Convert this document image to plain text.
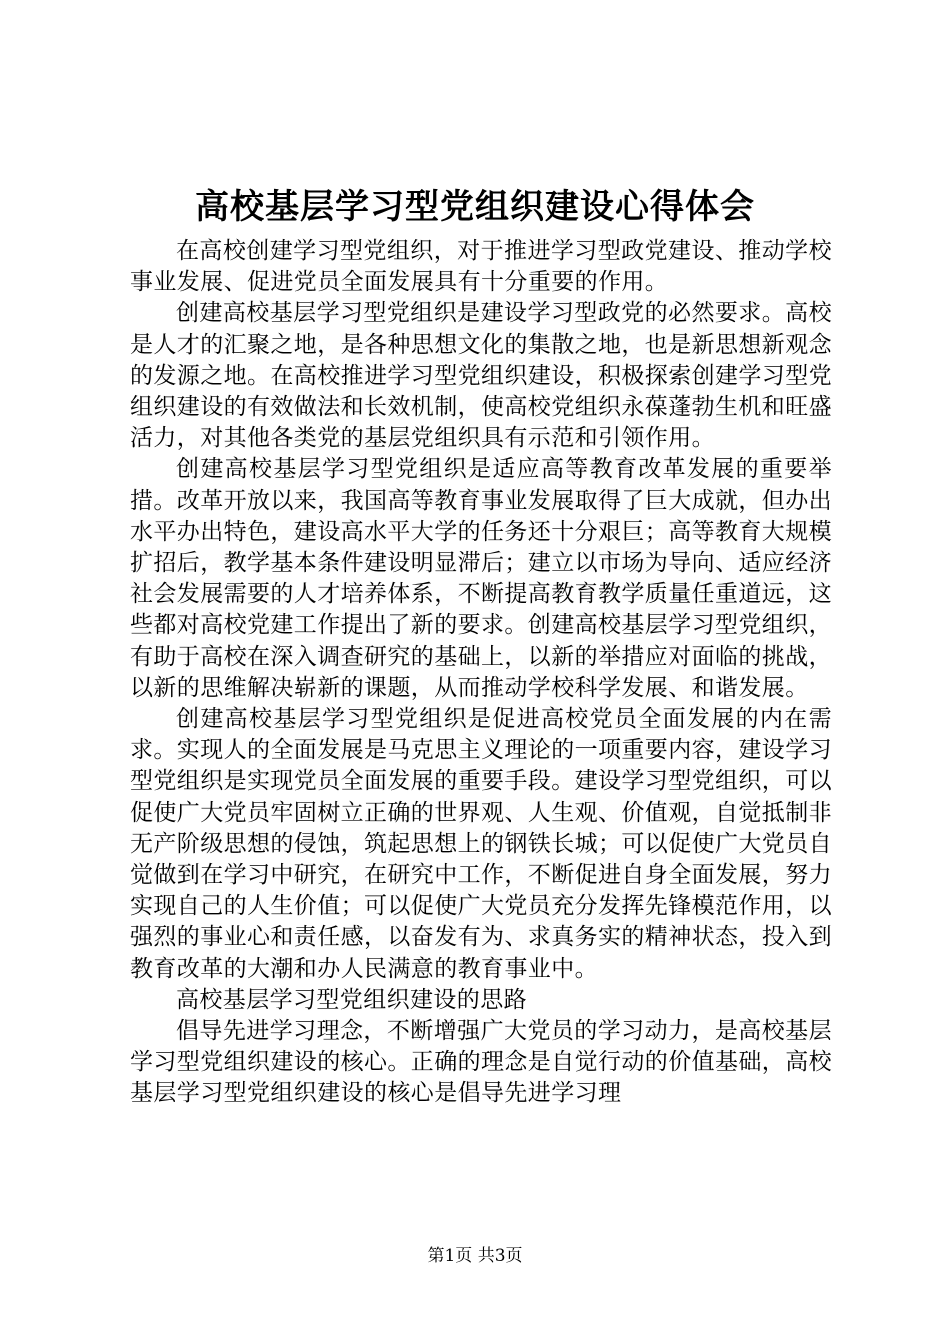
高校基层学习型党组织建设心得体会

在高校创建学习型党组织，对于推进学习型政党建设、推动学校事业发展、促进党员全面发展具有十分重要的作用。

创建高校基层学习型党组织是建设学习型政党的必然要求。高校是人才的汇聚之地，是各种思想文化的集散之地，也是新思想新观念的发源之地。在高校推进学习型党组织建设，积极探索创建学习型党组织建设的有效做法和长效机制，使高校党组织永葆蓬勃生机和旺盛活力，对其他各类党的基层党组织具有示范和引领作用。

创建高校基层学习型党组织是适应高等教育改革发展的重要举措。改革开放以来，我国高等教育事业发展取得了巨大成就，但办出水平办出特色，建设高水平大学的任务还十分艰巨；高等教育大规模扩招后，教学基本条件建设明显滞后；建立以市场为导向、适应经济社会发展需要的人才培养体系，不断提高教育教学质量任重道远，这些都对高校党建工作提出了新的要求。创建高校基层学习型党组织，有助于高校在深入调查研究的基础上，以新的举措应对面临的挑战，以新的思维解决崭新的课题，从而推动学校科学发展、和谐发展。

创建高校基层学习型党组织是促进高校党员全面发展的内在需求。实现人的全面发展是马克思主义理论的一项重要内容，建设学习型党组织是实现党员全面发展的重要手段。建设学习型党组织，可以促使广大党员牢固树立正确的世界观、人生观、价值观，自觉抵制非无产阶级思想的侵蚀，筑起思想上的钢铁长城；可以促使广大党员自觉做到在学习中研究，在研究中工作，不断促进自身全面发展，努力实现自己的人生价值；可以促使广大党员充分发挥先锋模范作用，以强烈的事业心和责任感，以奋发有为、求真务实的精神状态，投入到教育改革的大潮和办人民满意的教育事业中。

高校基层学习型党组织建设的思路

倡导先进学习理念，不断增强广大党员的学习动力，是高校基层学习型党组织建设的核心。正确的理念是自觉行动的价值基础，高校基层学习型党组织建设的核心是倡导先进学习理

第1页 共3页
